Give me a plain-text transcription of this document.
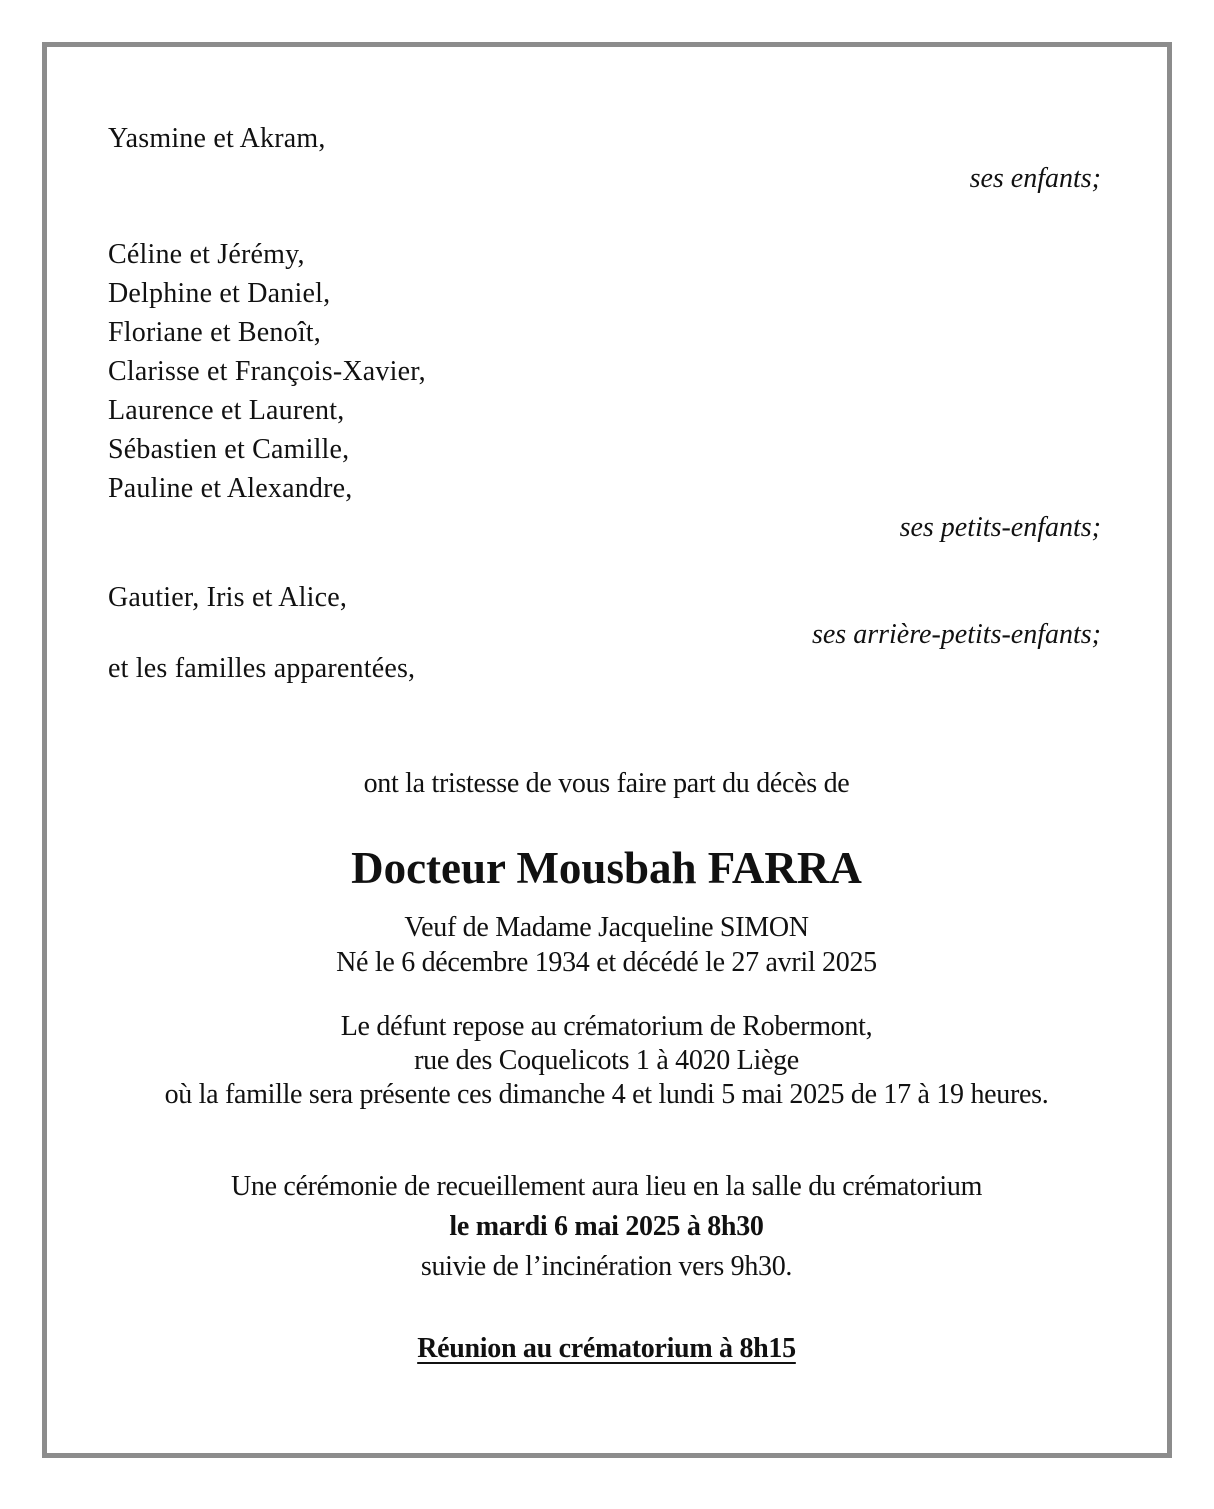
Yasmine et Akram,

ses enfants;

Céline et Jérémy,

Delphine et Daniel,

Floriane et Benoît,

Clarisse et François-Xavier,

Laurence et Laurent,

Sébastien et Camille,

Pauline et Alexandre,

ses petits-enfants;

Gautier, Iris et Alice,

ses arrière-petits-enfants;

et les familles apparentées,

ont la tristesse de vous faire part du décès de

Docteur Mousbah FARRA

Veuf de Madame Jacqueline SIMON

Né le 6 décembre 1934 et décédé le 27 avril 2025

Le défunt repose au crématorium de Robermont,

rue des Coquelicots 1 à 4020 Liège

où la famille sera présente ces dimanche 4 et lundi 5 mai 2025 de 17 à 19 heures.

Une cérémonie de recueillement aura lieu en la salle du crématorium

le mardi 6 mai 2025 à 8h30

suivie de l’incinération vers 9h30.

Réunion au crématorium à 8h15
